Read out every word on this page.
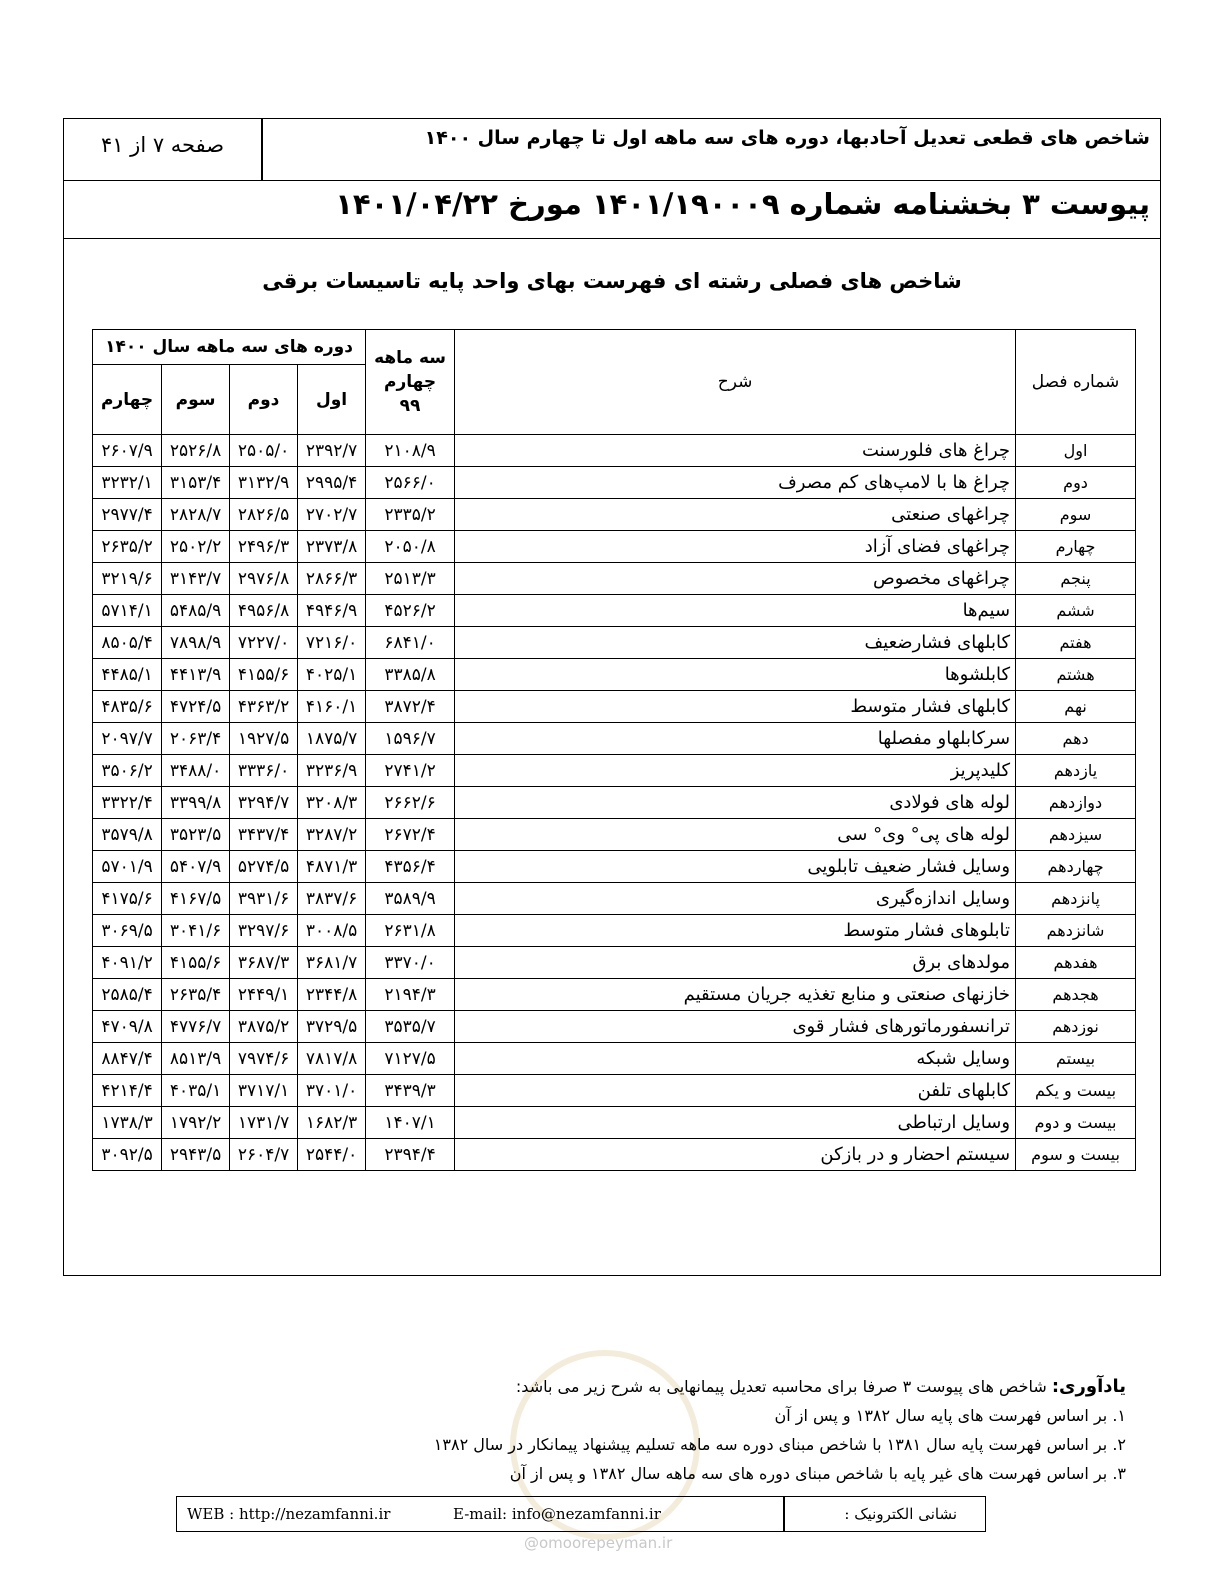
شاخص های قطعی تعدیل آحادبها، دوره های سه ماهه اول تا چهارم سال ۱۴۰۰
صفحه ۷ از ۴۱
پیوست ۳ بخشنامه شماره ۱۴۰۱/۱۹۰۰۰۹ مورخ ۱۴۰۱/۰۴/۲۲
شاخص های فصلی رشته ای فهرست بهای واحد پایه تاسیسات برقی
شماره فصل	شرح	سه ماهه چهارم ۹۹	دوره های سه ماهه سال ۱۴۰۰			
			اول	دوم	سوم	چهارم
اول	چراغ های فلورسنت	۲۱۰۸/۹	۲۳۹۲/۷	۲۵۰۵/۰	۲۵۲۶/۸	۲۶۰۷/۹
دوم	چراغ ها با لامپ‌های کم مصرف	۲۵۶۶/۰	۲۹۹۵/۴	۳۱۳۲/۹	۳۱۵۳/۴	۳۲۳۲/۱
سوم	چراغهای صنعتی	۲۳۳۵/۲	۲۷۰۲/۷	۲۸۲۶/۵	۲۸۲۸/۷	۲۹۷۷/۴
چهارم	چراغهای فضای آزاد	۲۰۵۰/۸	۲۳۷۳/۸	۲۴۹۶/۳	۲۵۰۲/۲	۲۶۳۵/۲
پنجم	چراغهای مخصوص	۲۵۱۳/۳	۲۸۶۶/۳	۲۹۷۶/۸	۳۱۴۳/۷	۳۲۱۹/۶
ششم	سیم‌ها	۴۵۲۶/۲	۴۹۴۶/۹	۴۹۵۶/۸	۵۴۸۵/۹	۵۷۱۴/۱
هفتم	کابلهای فشارضعیف	۶۸۴۱/۰	۷۲۱۶/۰	۷۲۲۷/۰	۷۸۹۸/۹	۸۵۰۵/۴
هشتم	کابلشوها	۳۳۸۵/۸	۴۰۲۵/۱	۴۱۵۵/۶	۴۴۱۳/۹	۴۴۸۵/۱
نهم	کابلهای فشار متوسط	۳۸۷۲/۴	۴۱۶۰/۱	۴۳۶۳/۲	۴۷۲۴/۵	۴۸۳۵/۶
دهم	سرکابلهاو مفصلها	۱۵۹۶/۷	۱۸۷۵/۷	۱۹۲۷/۵	۲۰۶۳/۴	۲۰۹۷/۷
یازدهم	کلیدپریز	۲۷۴۱/۲	۳۲۳۶/۹	۳۳۳۶/۰	۳۴۸۸/۰	۳۵۰۶/۲
دوازدهم	لوله های فولادی	۲۶۶۲/۶	۳۲۰۸/۳	۳۲۹۴/۷	۳۳۹۹/۸	۳۳۲۲/۴
سیزدهم	لوله های پی° وی° سی	۲۶۷۲/۴	۳۲۸۷/۲	۳۴۳۷/۴	۳۵۲۳/۵	۳۵۷۹/۸
چهاردهم	وسایل فشار ضعیف تابلویی	۴۳۵۶/۴	۴۸۷۱/۳	۵۲۷۴/۵	۵۴۰۷/۹	۵۷۰۱/۹
پانزدهم	وسایل اندازه‌گیری	۳۵۸۹/۹	۳۸۳۷/۶	۳۹۳۱/۶	۴۱۶۷/۵	۴۱۷۵/۶
شانزدهم	تابلوهای فشار متوسط	۲۶۳۱/۸	۳۰۰۸/۵	۳۲۹۷/۶	۳۰۴۱/۶	۳۰۶۹/۵
هفدهم	مولدهای برق	۳۳۷۰/۰	۳۶۸۱/۷	۳۶۸۷/۳	۴۱۵۵/۶	۴۰۹۱/۲
هجدهم	خازنهای صنعتی و منابع تغذیه جریان مستقیم	۲۱۹۴/۳	۲۳۴۴/۸	۲۴۴۹/۱	۲۶۳۵/۴	۲۵۸۵/۴
نوزدهم	ترانسفورماتورهای فشار قوی	۳۵۳۵/۷	۳۷۲۹/۵	۳۸۷۵/۲	۴۷۷۶/۷	۴۷۰۹/۸
بیستم	وسایل شبکه	۷۱۲۷/۵	۷۸۱۷/۸	۷۹۷۴/۶	۸۵۱۳/۹	۸۸۴۷/۴
بیست و یکم	کابلهای تلفن	۳۴۳۹/۳	۳۷۰۱/۰	۳۷۱۷/۱	۴۰۳۵/۱	۴۲۱۴/۴
بیست و دوم	وسایل ارتباطی	۱۴۰۷/۱	۱۶۸۲/۳	۱۷۳۱/۷	۱۷۹۲/۲	۱۷۳۸/۳
بیست و سوم	سیستم احضار و در بازکن	۲۳۹۴/۴	۲۵۴۴/۰	۲۶۰۴/۷	۲۹۴۳/۵	۳۰۹۲/۵
@omoorepeyman.ir
یادآوری: شاخص های پیوست ۳ صرفا برای محاسبه تعدیل پیمانهایی به شرح زیر می باشد:
۱. بر اساس فهرست های پایه سال ۱۳۸۲ و پس از آن
۲. بر اساس فهرست پایه سال ۱۳۸۱ با شاخص مبنای دوره سه ماهه تسلیم پیشنهاد پیمانکار در سال ۱۳۸۲
۳. بر اساس فهرست های غیر پایه با شاخص مبنای دوره های سه ماهه سال ۱۳۸۲ و پس از آن
نشانی الکترونیک :
E-mail: info@nezamfanni.ir
WEB : http://nezamfanni.ir
